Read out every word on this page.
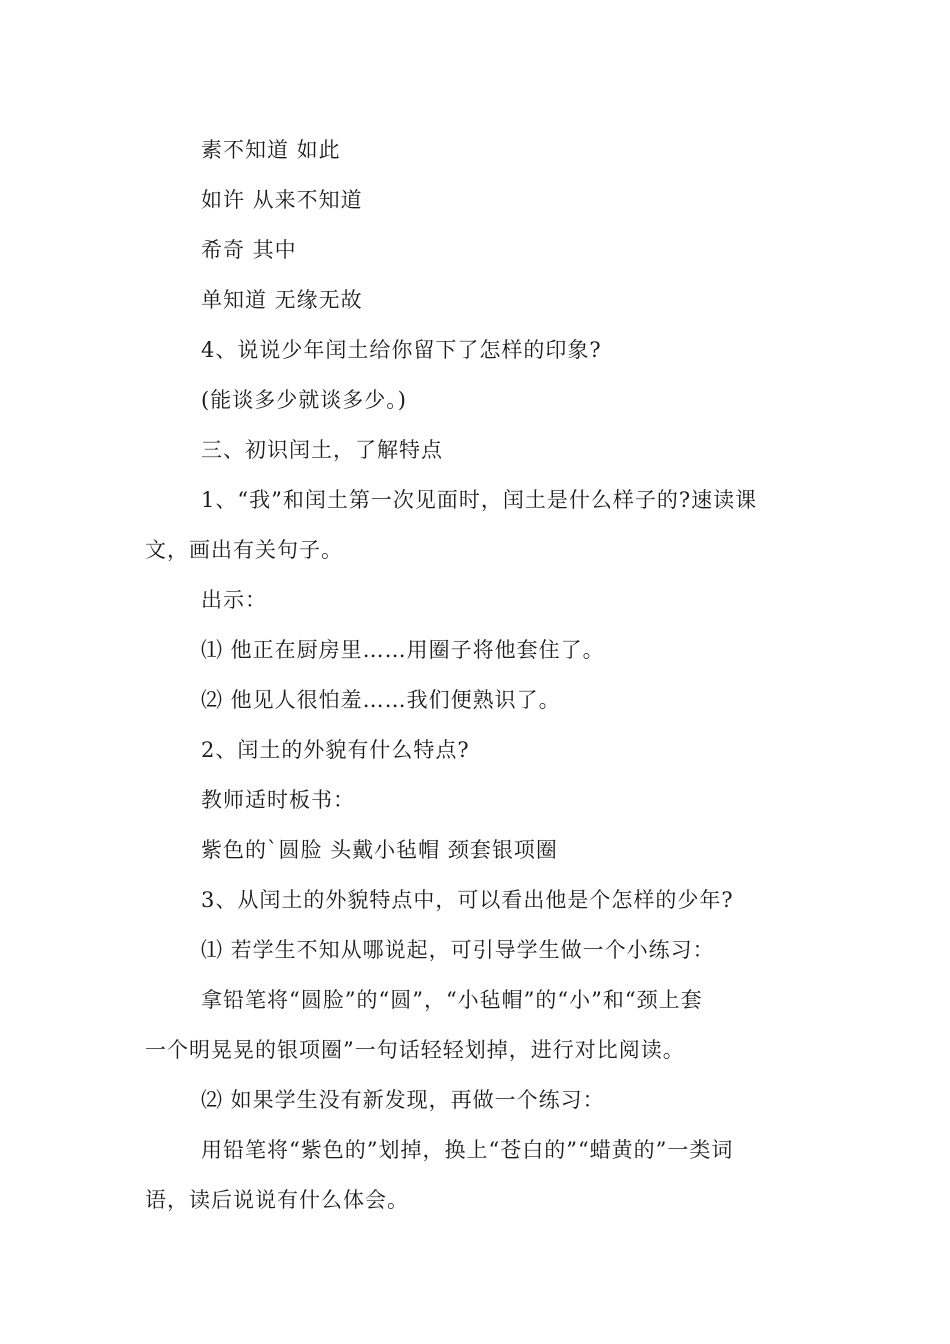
素不知道 如此

如许 从来不知道

希奇 其中

单知道 无缘无故

4、说说少年闰土给你留下了怎样的印象?

(能谈多少就谈多少。)

三、初识闰土，了解特点

1、“我”和闰土第一次见面时，闰土是什么样子的?速读课

文，画出有关句子。

出示：

⑴ 他正在厨房里……用圈子将他套住了。

⑵ 他见人很怕羞……我们便熟识了。

2、闰土的外貌有什么特点?

教师适时板书：

紫色的`圆脸 头戴小毡帽 颈套银项圈

3、从闰土的外貌特点中，可以看出他是个怎样的少年?

⑴ 若学生不知从哪说起，可引导学生做一个小练习：

拿铅笔将“圆脸”的“圆”，“小毡帽”的“小”和“颈上套

一个明晃晃的银项圈”一句话轻轻划掉，进行对比阅读。

⑵ 如果学生没有新发现，再做一个练习：

用铅笔将“紫色的”划掉，换上“苍白的”“蜡黄的”一类词

语，读后说说有什么体会。
